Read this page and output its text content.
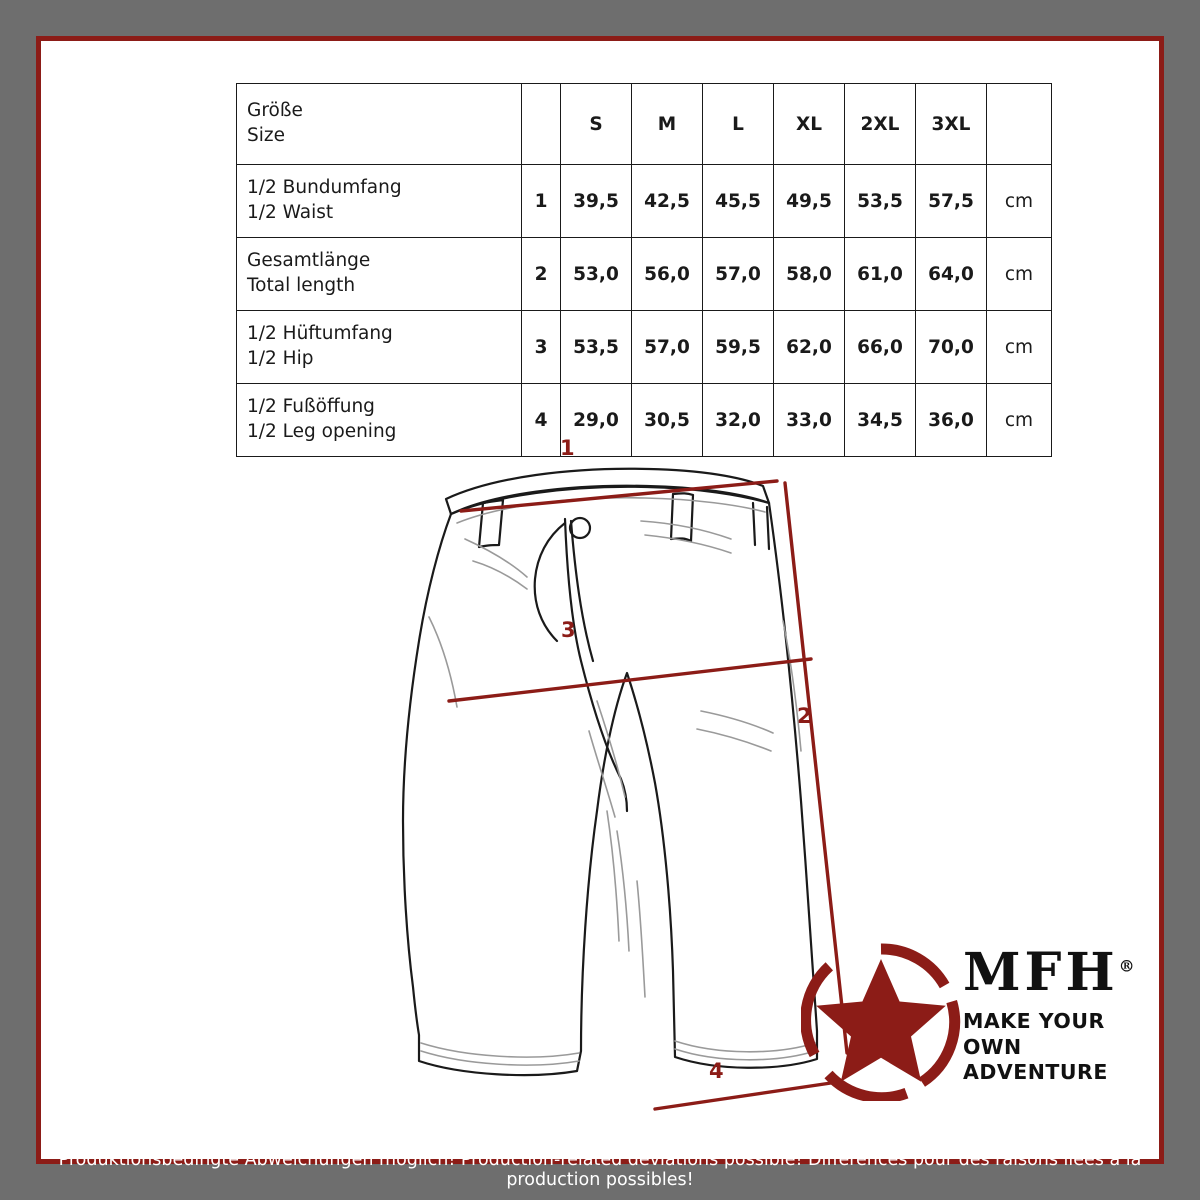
Größe
Size		S	M	L	XL	2XL	3XL	

1/2 Bundumfang
1/2 Waist	1	39,5	42,5	45,5	49,5	53,5	57,5	cm

Gesamtlänge
Total length	2	53,0	56,0	57,0	58,0	61,0	64,0	cm

1/2 Hüftumfang
1/2 Hip	3	53,5	57,0	59,5	62,0	66,0	70,0	cm

1/2 Fußöffung
1/2 Leg opening	4	29,0	30,5	32,0	33,0	34,5	36,0	cm
1
2
3
4
MFH®
MAKE YOUR OWN
ADVENTURE
Produktionsbedingte Abweichungen möglich! Production-related deviations possible! Différences pour des raisons liées à la production possibles!
